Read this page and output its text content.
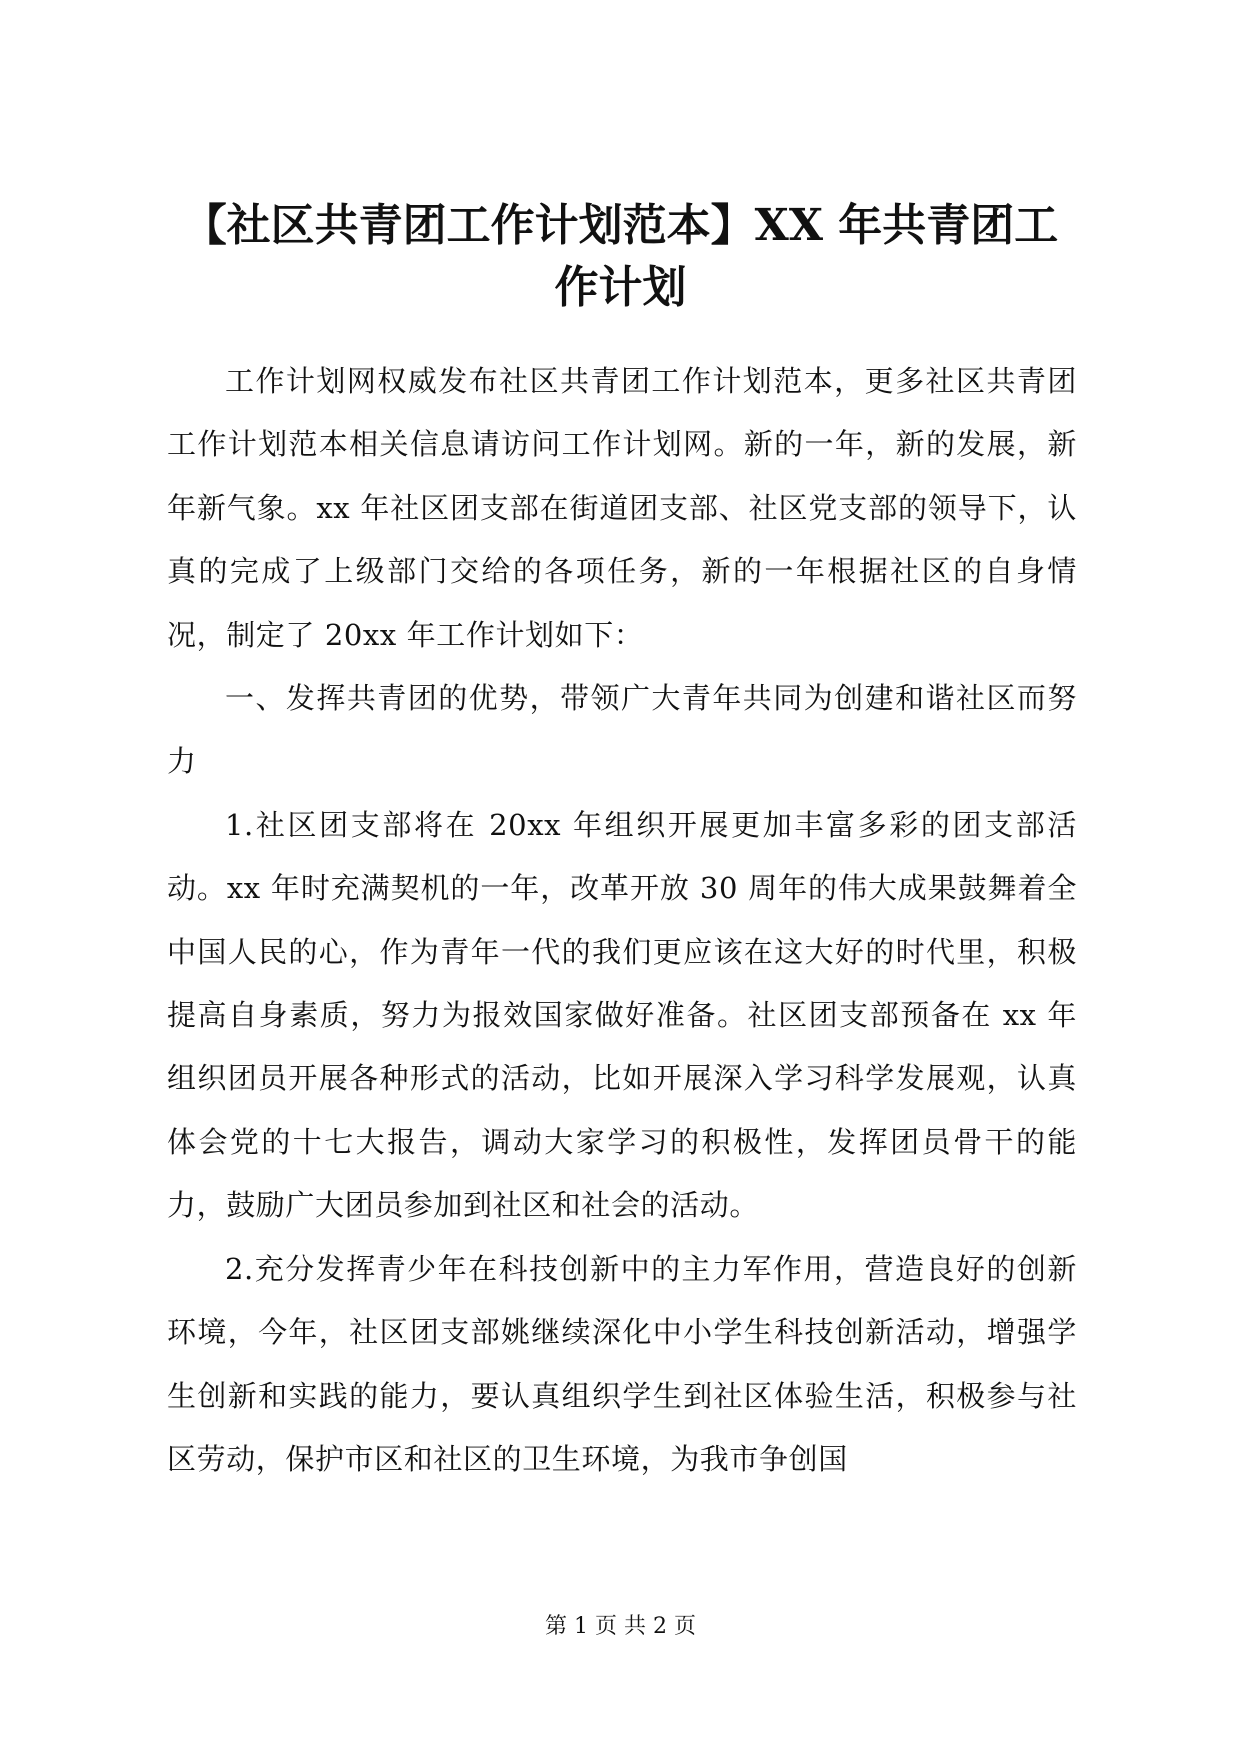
【社区共青团工作计划范本】XX 年共青团工
作计划

工作计划网权威发布社区共青团工作计划范本，更多社区共青团工作计划范本相关信息请访问工作计划网。新的一年，新的发展，新年新气象。xx 年社区团支部在街道团支部、社区党支部的领导下，认真的完成了上级部门交给的各项任务，新的一年根据社区的自身情况，制定了 20xx 年工作计划如下：

一、发挥共青团的优势，带领广大青年共同为创建和谐社区而努力

1.社区团支部将在 20xx 年组织开展更加丰富多彩的团支部活动。xx 年时充满契机的一年，改革开放 30 周年的伟大成果鼓舞着全中国人民的心，作为青年一代的我们更应该在这大好的时代里，积极提高自身素质，努力为报效国家做好准备。社区团支部预备在 xx 年组织团员开展各种形式的活动，比如开展深入学习科学发展观，认真体会党的十七大报告，调动大家学习的积极性，发挥团员骨干的能力，鼓励广大团员参加到社区和社会的活动。

2.充分发挥青少年在科技创新中的主力军作用，营造良好的创新环境，今年，社区团支部姚继续深化中小学生科技创新活动，增强学生创新和实践的能力，要认真组织学生到社区体验生活，积极参与社区劳动，保护市区和社区的卫生环境，为我市争创国

第 1 页 共 2 页
